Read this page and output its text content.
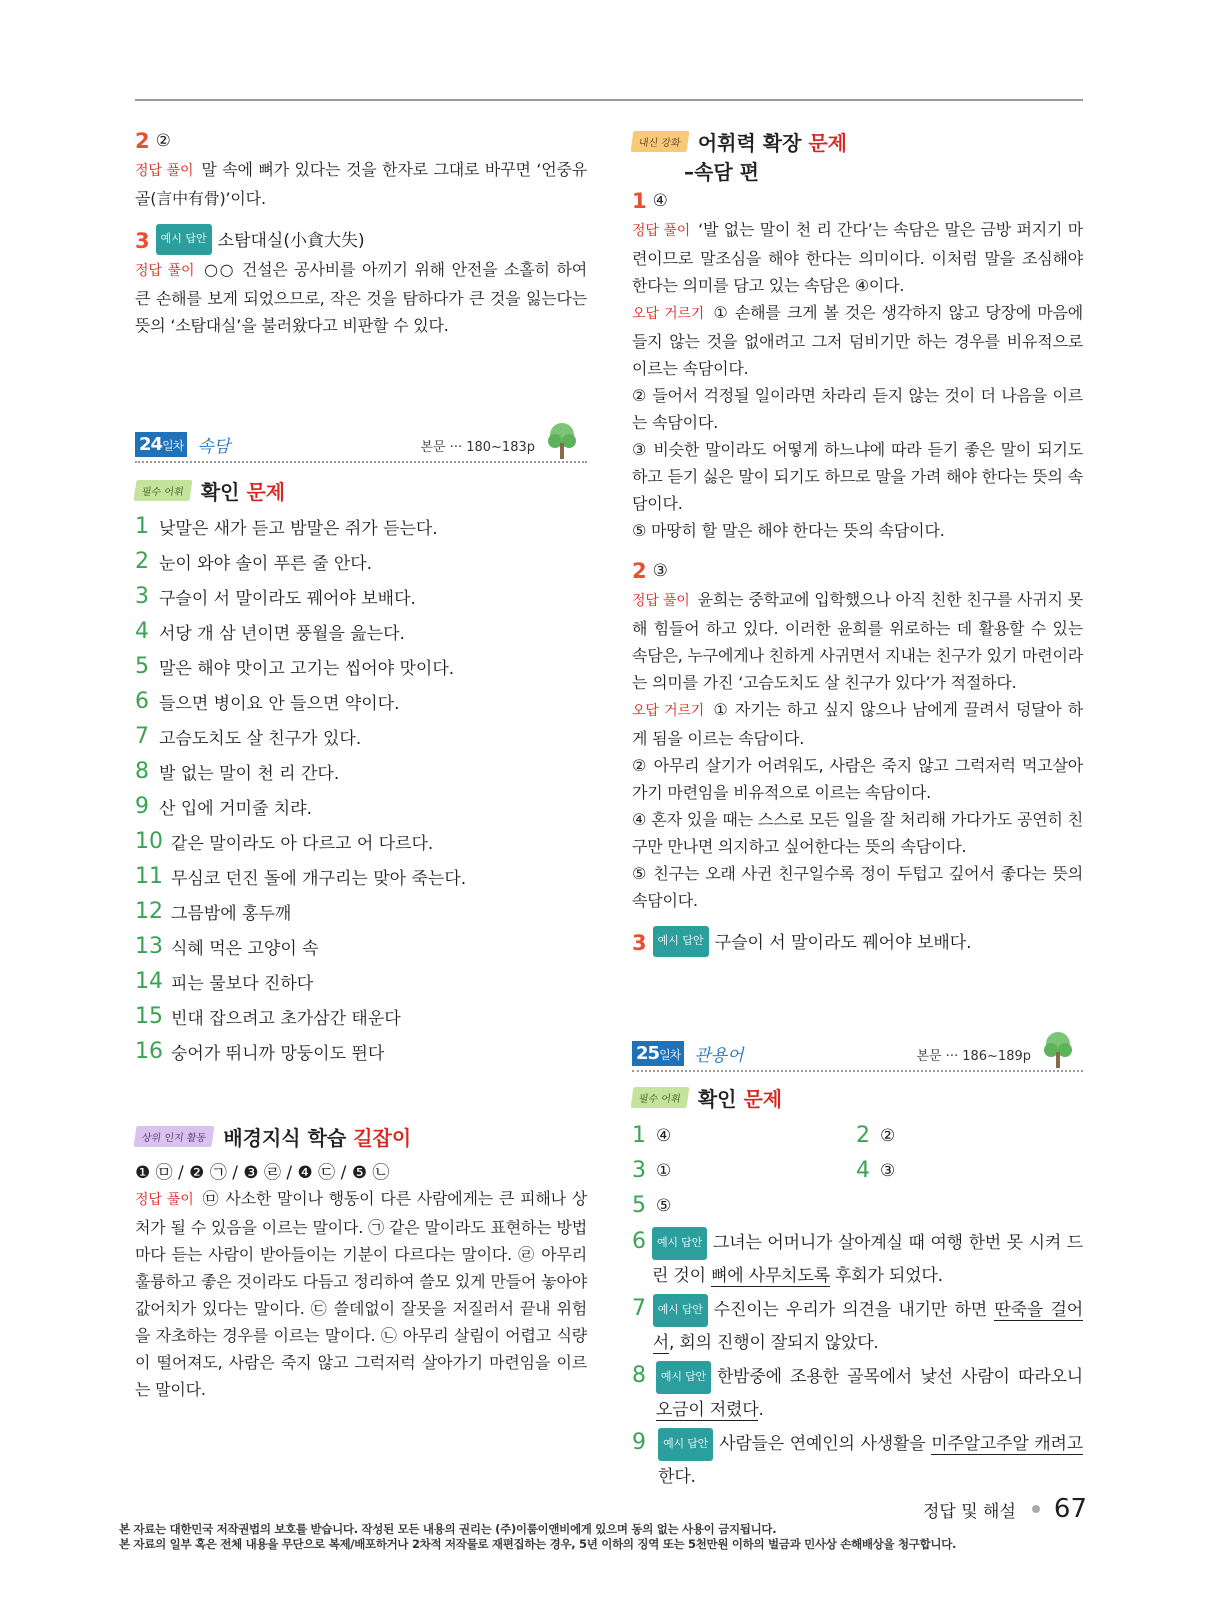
2 ②

정답 풀이 말 속에 뼈가 있다는 것을 한자로 그대로 바꾸면 ‘언중유골(言中有骨)’이다.

3	예시 답안 소탐대실(小貪大失)

정답 풀이 ○○ 건설은 공사비를 아끼기 위해 안전을 소홀히 하여 큰 손해를 보게 되었으므로, 작은 것을 탐하다가 큰 것을 잃는다는 뜻의 ‘소탐대실’을 불러왔다고 비판할 수 있다.

24일차 속담	본문 ··· 180~183p
필수 어휘 확인 문제
1 낮말은 새가 듣고 밤말은 쥐가 듣는다.
2 눈이 와야 솔이 푸른 줄 안다.
3 구슬이 서 말이라도 꿰어야 보배다.
4 서당 개 삼 년이면 풍월을 읊는다.
5 말은 해야 맛이고 고기는 씹어야 맛이다.
6 들으면 병이요 안 들으면 약이다.
7 고슴도치도 살 친구가 있다.
8 발 없는 말이 천 리 간다.
9 산 입에 거미줄 치랴.
10 같은 말이라도 아 다르고 어 다르다.
11 무심코 던진 돌에 개구리는 맞아 죽는다.
12 그믐밤에 홍두깨
13 식혜 먹은 고양이 속
14 피는 물보다 진하다
15 빈대 잡으려고 초가삼간 태운다
16 숭어가 뛰니까 망둥이도 뛴다
상위 인지 활동 배경지식 학습 길잡이
❶ ㉤ / ❷ ㉠ / ❸ ㉣ / ❹ ㉢ / ❺ ㉡

정답 풀이 ㉤ 사소한 말이나 행동이 다른 사람에게는 큰 피해나 상처가 될 수 있음을 이르는 말이다. ㉠ 같은 말이라도 표현하는 방법마다 듣는 사람이 받아들이는 기분이 다르다는 말이다. ㉣ 아무리 훌륭하고 좋은 것이라도 다듬고 정리하여 쓸모 있게 만들어 놓아야 값어치가 있다는 말이다. ㉢ 쓸데없이 잘못을 저질러서 끝내 위험을 자초하는 경우를 이르는 말이다. ㉡ 아무리 살림이 어렵고 식량이 떨어져도, 사람은 죽지 않고 그럭저럭 살아가기 마련임을 이르는 말이다.

내신 강화 어휘력 확장 문제
–속담 편
1 ④

정답 풀이 ‘발 없는 말이 천 리 간다’는 속담은 말은 금방 퍼지기 마련이므로 말조심을 해야 한다는 의미이다. 이처럼 말을 조심해야 한다는 의미를 담고 있는 속담은 ④이다.

오답 거르기 ① 손해를 크게 볼 것은 생각하지 않고 당장에 마음에 들지 않는 것을 없애려고 그저 덤비기만 하는 경우를 비유적으로 이르는 속담이다.

② 들어서 걱정될 일이라면 차라리 듣지 않는 것이 더 나음을 이르는 속담이다.

③ 비슷한 말이라도 어떻게 하느냐에 따라 듣기 좋은 말이 되기도 하고 듣기 싫은 말이 되기도 하므로 말을 가려 해야 한다는 뜻의 속담이다.

⑤ 마땅히 할 말은 해야 한다는 뜻의 속담이다.

2 ③

정답 풀이 윤희는 중학교에 입학했으나 아직 친한 친구를 사귀지 못해 힘들어 하고 있다. 이러한 윤희를 위로하는 데 활용할 수 있는 속담은, 누구에게나 친하게 사귀면서 지내는 친구가 있기 마련이라는 의미를 가진 ‘고슴도치도 살 친구가 있다’가 적절하다.

오답 거르기 ① 자기는 하고 싶지 않으나 남에게 끌려서 덩달아 하게 됨을 이르는 속담이다.

② 아무리 살기가 어려워도, 사람은 죽지 않고 그럭저럭 먹고살아가기 마련임을 비유적으로 이르는 속담이다.

④ 혼자 있을 때는 스스로 모든 일을 잘 처리해 가다가도 공연히 친구만 만나면 의지하고 싶어한다는 뜻의 속담이다.

⑤ 친구는 오래 사귄 친구일수록 정이 두텁고 깊어서 좋다는 뜻의 속담이다.

3	예시 답안 구슬이 서 말이라도 꿰어야 보배다.
25일차 관용어	본문 ··· 186~189p
필수 어휘 확인 문제
1 ④	2 ②
3 ①	4 ③
5 ⑤
6	예시 답안 그녀는 어머니가 살아계실 때 여행 한번 못 시켜 드린 것이 뼈에 사무치도록 후회가 되었다.

7	예시 답안 수진이는 우리가 의견을 내기만 하면 딴죽을 걸어서, 회의 진행이 잘되지 않았다.

8	예시 답안 한밤중에 조용한 골목에서 낯선 사람이 따라오니 오금이 저렸다.

9	예시 답안 사람들은 연예인의 사생활을 미주알고주알 캐려고 한다.

정답 및 해설 67
본 자료는 대한민국 저작권법의 보호를 받습니다. 작성된 모든 내용의 권리는 (주)이룸이앤비에게 있으며 동의 없는 사용이 금지됩니다.
본 자료의 일부 혹은 전체 내용을 무단으로 복제/배포하거나 2차적 저작물로 재편집하는 경우, 5년 이하의 징역 또는 5천만원 이하의 벌금과 민사상 손해배상을 청구합니다.
